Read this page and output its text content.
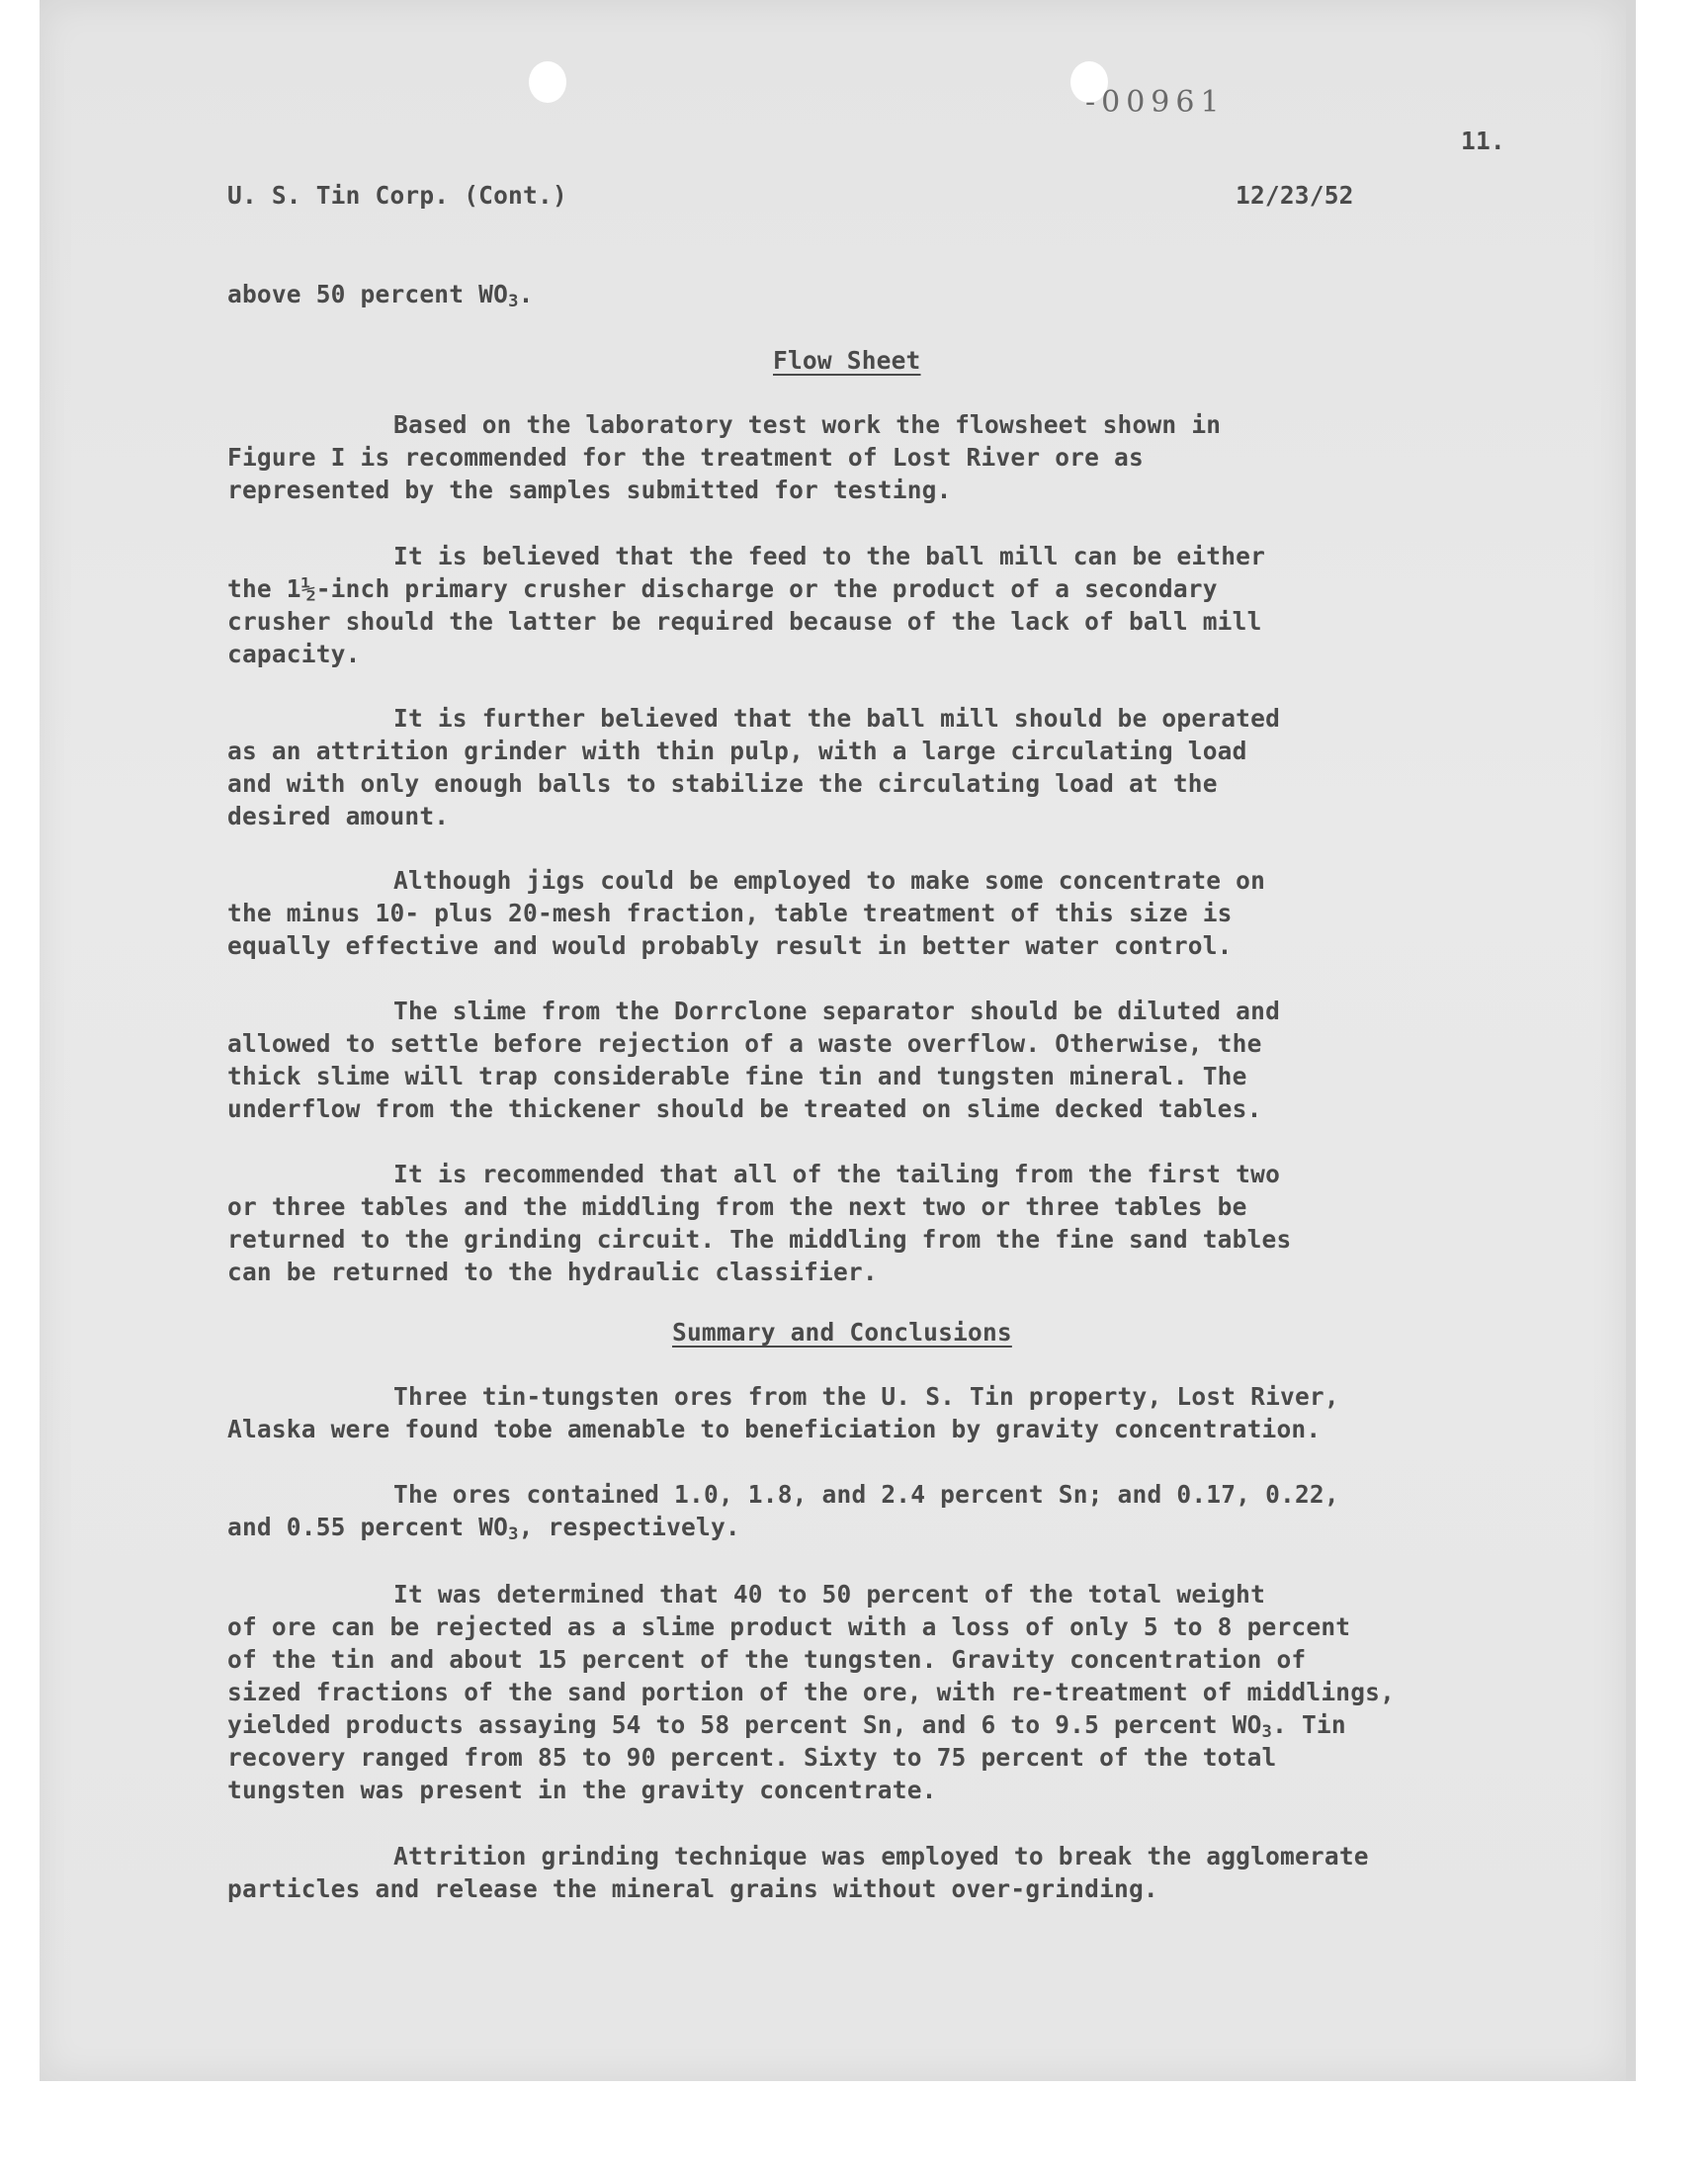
-00961
11.
U. S. Tin Corp. (Cont.)	12/23/52
above 50 percent $WO_3$.
Flow Sheet
Based on the laboratory test work the flowsheet shown in
Figure I is recommended for the treatment of Lost River ore as
represented by the samples submitted for testing.
It is believed that the feed to the ball mill can be either
the 1½-inch primary crusher discharge or the product of a secondary
crusher should the latter be required because of the lack of ball mill
capacity.
It is further believed that the ball mill should be operated
as an attrition grinder with thin pulp, with a large circulating load
and with only enough balls to stabilize the circulating load at the
desired amount.
Although jigs could be employed to make some concentrate on
the minus 10- plus 20-mesh fraction, table treatment of this size is
equally effective and would probably result in better water control.
The slime from the Dorrclone separator should be diluted and
allowed to settle before rejection of a waste overflow. Otherwise, the
thick slime will trap considerable fine tin and tungsten mineral. The
underflow from the thickener should be treated on slime decked tables.
It is recommended that all of the tailing from the first two
or three tables and the middling from the next two or three tables be
returned to the grinding circuit. The middling from the fine sand tables
can be returned to the hydraulic classifier.
Summary and Conclusions
Three tin-tungsten ores from the U. S. Tin property, Lost River,
Alaska were found tobe amenable to beneficiation by gravity concentration.
The ores contained 1.0, 1.8, and 2.4 percent Sn; and 0.17, 0.22,
and 0.55 percent $WO_3$, respectively.
It was determined that 40 to 50 percent of the total weight
of ore can be rejected as a slime product with a loss of only 5 to 8 percent
of the tin and about 15 percent of the tungsten. Gravity concentration of
sized fractions of the sand portion of the ore, with re-treatment of middlings,
yielded products assaying 54 to 58 percent Sn, and 6 to 9.5 percent $WO_3$. Tin
recovery ranged from 85 to 90 percent. Sixty to 75 percent of the total
tungsten was present in the gravity concentrate.
Attrition grinding technique was employed to break the agglomerate
particles and release the mineral grains without over-grinding.
